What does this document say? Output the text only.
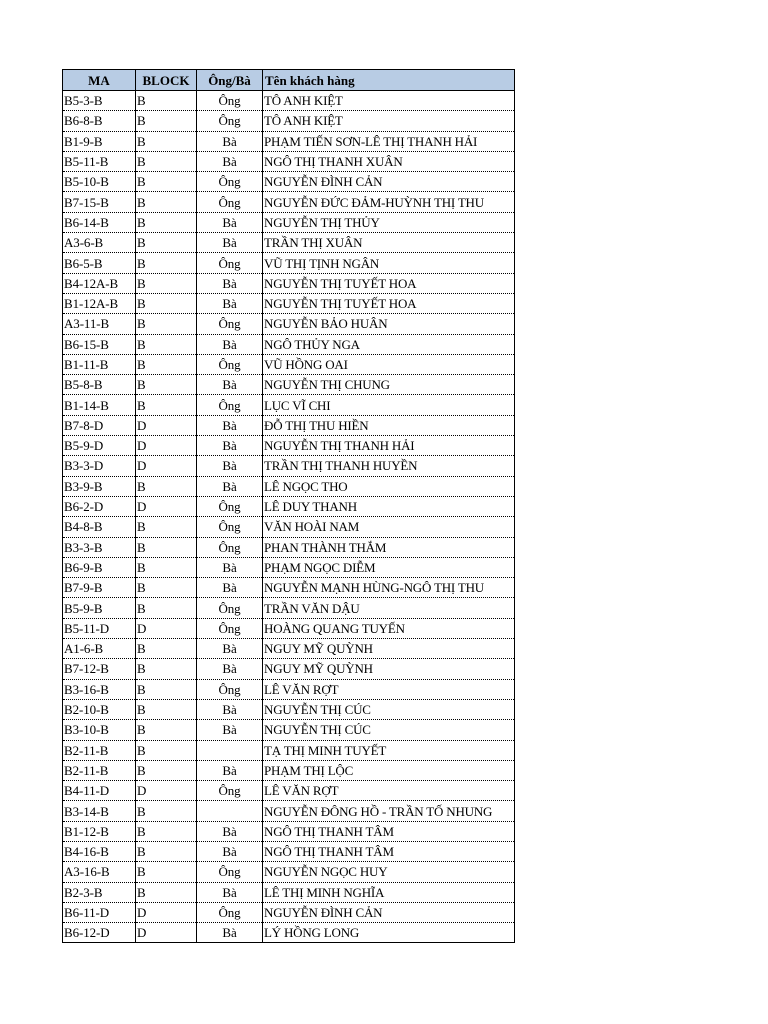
MA	BLOCK	Ông/Bà	Tên khách hàng
B5-3-B	B	Ông	TÔ ANH KIỆT
B6-8-B	B	Ông	TÔ ANH KIỆT
B1-9-B	B	Bà	PHẠM TIẾN SƠN-LÊ THỊ THANH HẢI
B5-11-B	B	Bà	NGÔ THỊ THANH XUÂN
B5-10-B	B	Ông	NGUYỄN ĐÌNH CẢN
B7-15-B	B	Ông	NGUYỄN ĐỨC ĐẢM-HUỲNH THỊ THU
B6-14-B	B	Bà	NGUYỄN THỊ THỦY
A3-6-B	B	Bà	TRẦN THỊ XUÂN
B6-5-B	B	Ông	VŨ THỊ TỊNH NGÂN
B4-12A-B	B	Bà	NGUYỄN THỊ TUYẾT HOA
B1-12A-B	B	Bà	NGUYỄN THỊ TUYẾT HOA
A3-11-B	B	Ông	NGUYỄN BẢO HUÂN
B6-15-B	B	Bà	NGÔ THỦY NGA
B1-11-B	B	Ông	VŨ HỒNG OAI
B5-8-B	B	Bà	NGUYỄN THỊ CHUNG
B1-14-B	B	Ông	LỤC VĨ CHI
B7-8-D	D	Bà	ĐỖ THỊ THU HIỀN
B5-9-D	D	Bà	NGUYỄN THỊ THANH HẢI
B3-3-D	D	Bà	TRẦN THỊ THANH HUYỀN
B3-9-B	B	Bà	LÊ NGỌC THO
B6-2-D	D	Ông	LÊ DUY THANH
B4-8-B	B	Ông	VĂN HOÀI NAM
B3-3-B	B	Ông	PHAN THÀNH THẮM
B6-9-B	B	Bà	PHẠM NGỌC DIỄM
B7-9-B	B	Bà	NGUYỄN MẠNH HÙNG-NGÔ THỊ THU
B5-9-B	B	Ông	TRẦN VĂN DẬU
B5-11-D	D	Ông	HOÀNG QUANG TUYẾN
A1-6-B	B	Bà	NGUY MỸ QUỲNH
B7-12-B	B	Bà	NGUY MỸ QUỲNH
B3-16-B	B	Ông	LÊ VĂN RỢT
B2-10-B	B	Bà	NGUYỄN THỊ CÚC
B3-10-B	B	Bà	NGUYỄN THỊ CÚC
B2-11-B	B		TẠ THỊ MINH TUYẾT
B2-11-B	B	Bà	PHẠM THỊ LỘC
B4-11-D	D	Ông	LÊ VĂN RỢT
B3-14-B	B		NGUYỄN ĐÔNG HỒ - TRẦN TỐ NHUNG
B1-12-B	B	Bà	NGÔ THỊ THANH TÂM
B4-16-B	B	Bà	NGÔ THỊ THANH TÂM
A3-16-B	B	Ông	NGUYỄN NGỌC HUY
B2-3-B	B	Bà	LÊ THỊ MINH NGHĨA
B6-11-D	D	Ông	NGUYỄN ĐÌNH CẢN
B6-12-D	D	Bà	LÝ HỒNG LONG
